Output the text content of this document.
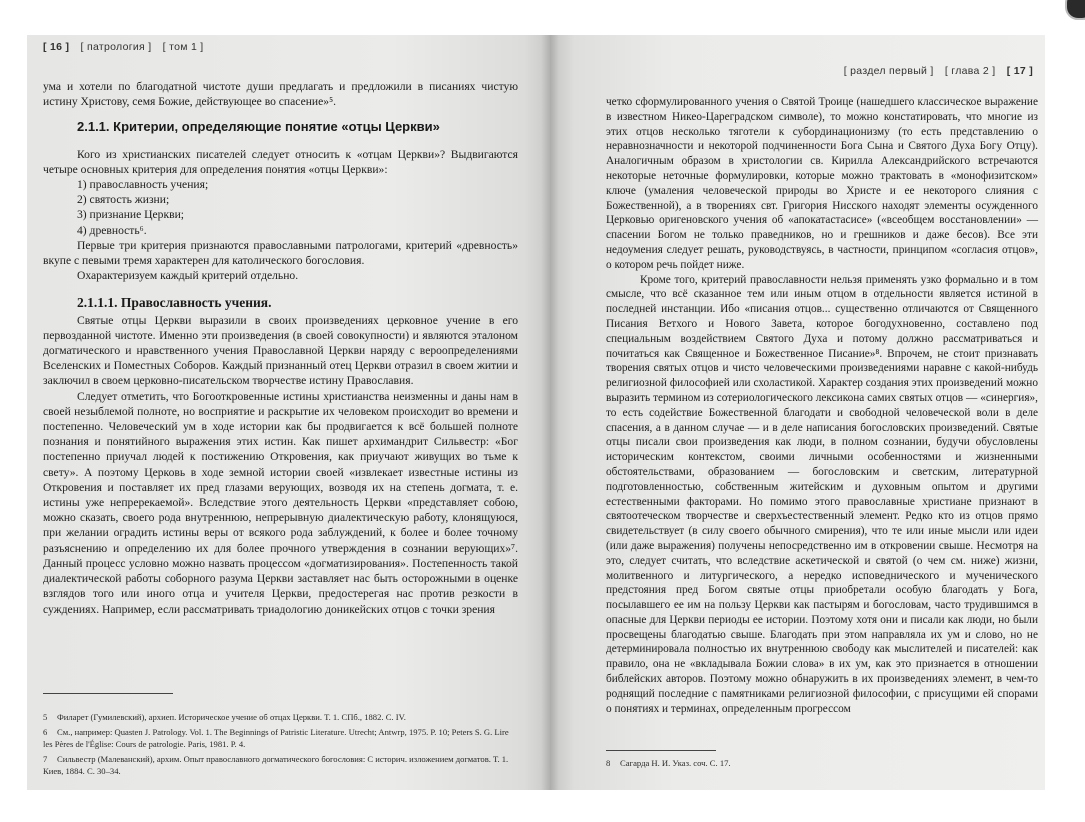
[ 16 ] [ патрология ] [ том 1 ]

ума и хотели по благодатной чистоте души предлагать и предложили в писаниях чистую истину Христову, семя Божие, действующее во спасение»⁵.

2.1.1. Критерии, определяющие понятие «отцы Церкви»

Кого из христианских писателей следует относить к «отцам Церкви»? Выдвигаются четыре основных критерия для определения понятия «отцы Церкви»:

1) православность учения;

2) святость жизни;

3) признание Церкви;

4) древность⁶.

Первые три критерия признаются православными патрологами, критерий «древность» вкупе с певыми тремя характерен для католического богословия.

Охарактеризуем каждый критерий отдельно.

2.1.1.1. Православность учения.

Святые отцы Церкви выразили в своих произведениях церковное учение в его первозданной чистоте. Именно эти произведения (в своей совокупности) и являются эталоном догматического и нравственного учения Православной Церкви наряду с вероопределениями Вселенских и Поместных Соборов. Каждый признанный отец Церкви отразил в своем житии и заключил в своем церковно-писательском творчестве истину Православия.

Следует отметить, что Богооткровенные истины христианства неизменны и даны нам в своей незыблемой полноте, но восприятие и раскрытие их человеком происходит во времени и постепенно. Человеческий ум в ходе истории как бы продвигается к всё большей полноте познания и понятийного выражения этих истин. Как пишет архимандрит Сильвестр: «Бог постепенно приучал людей к постижению Откровения, как приучают живущих во тьме к свету». А поэтому Церковь в ходе земной истории своей «извлекает известные истины из Откровения и поставляет их пред глазами верующих, возводя их на степень догмата, т. е. истины уже непререкаемой». Вследствие этого деятельность Церкви «представляет собою, можно сказать, своего рода внутреннюю, непрерывную диалектическую работу, клонящуюся, при желании оградить истины веры от всякого рода заблуждений, к более и более точному разъяснению и определению их для более прочного утверждения в сознании верующих»⁷. Данный процесс условно можно назвать процессом «догматизирования». Постепенность такой диалектической работы соборного разума Церкви заставляет нас быть осторожными в оценке взглядов того или иного отца и учителя Церкви, предостерегая нас против резкости в суждениях. Например, если рассматривать триадологию доникейских отцов с точки зрения

5 Филарет (Гумилевский), архиеп. Историческое учение об отцах Церкви. Т. 1. СПб., 1882. С. IV.

6 См., например: Quasten J. Patrology. Vol. 1. The Beginnings of Patristic Literature. Utrecht; Antwrp, 1975. P. 10; Peters S. G. Lire les Pères de l'Église: Cours de patrologie. Paris, 1981. P. 4.

7 Сильвестр (Малеванский), архим. Опыт православного догматического богословия: С историч. изложением догматов. Т. 1. Киев, 1884. С. 30–34.

[ раздел первый ] [ глава 2 ] [ 17 ]

четко сформулированного учения о Святой Троице (нашедшего классическое выражение в известном Никео-Цареградском символе), то можно констатировать, что многие из этих отцов несколько тяготели к субординационизму (то есть представлению о неравнозначности и некоторой подчиненности Бога Сына и Святого Духа Богу Отцу). Аналогичным образом в христологии св. Кирилла Александрийского встречаются некоторые неточные формулировки, которые можно трактовать в «монофизитском» ключе (умаления человеческой природы во Христе и ее некоторого слияния с Божественной), а в творениях свт. Григория Нисского находят элементы осужденного Церковью оригеновского учения об «апокатастасисе» («всеобщем восстановлении» — спасении Богом не только праведников, но и грешников и даже бесов). Все эти недоумения следует решать, руководствуясь, в частности, принципом «согласия отцов», о котором речь пойдет ниже.

Кроме того, критерий православности нельзя применять узко формально и в том смысле, что всё сказанное тем или иным отцом в отдельности является истиной в последней инстанции. Ибо «писания отцов... существенно отличаются от Священного Писания Ветхого и Нового Завета, которое богодухновенно, составлено под специальным воздействием Святого Духа и потому должно рассматриваться и почитаться как Священное и Божественное Писание»⁸. Впрочем, не стоит признавать творения святых отцов и чисто человеческими произведениями наравне с какой-нибудь религиозной философией или схоластикой. Характер создания этих произведений можно выразить термином из сотериологического лексикона самих святых отцов — «синергия», то есть содействие Божественной благодати и свободной человеческой воли в деле спасения, а в данном случае — и в деле написания богословских произведений. Святые отцы писали свои произведения как люди, в полном сознании, будучи обусловлены историческим контекстом, своими личными особенностями и жизненными обстоятельствами, образованием — богословским и светским, литературной подготовленностью, собственным житейским и духовным опытом и другими естественными факторами. Но помимо этого православные христиане признают в святоотеческом творчестве и сверхъестественный элемент. Редко кто из отцов прямо свидетельствует (в силу своего обычного смирения), что те или иные мысли или идеи (или даже выражения) получены непосредственно им в откровении свыше. Несмотря на это, следует считать, что вследствие аскетической и святой (о чем см. ниже) жизни, молитвенного и литургического, а нередко исповеднического и мученического предстояния пред Богом святые отцы приобретали особую благодать у Бога, посылавшего ее им на пользу Церкви как пастырям и богословам, часто трудившимся в опасные для Церкви периоды ее истории. Поэтому хотя они и писали как люди, но были просвещены благодатью свыше. Благодать при этом направляла их ум и слово, но не детерминировала полностью их внутреннюю свободу как мыслителей и писателей: как правило, она не «вкладывала Божии слова» в их ум, как это признается в отношении библейских авторов. Поэтому можно обнаружить в их произведениях элемент, в чем-то роднящий последние с памятниками религиозной философии, с присущими ей спорами о понятиях и терминах, определенным прогрессом

8 Сагарда Н. И. Указ. соч. С. 17.
